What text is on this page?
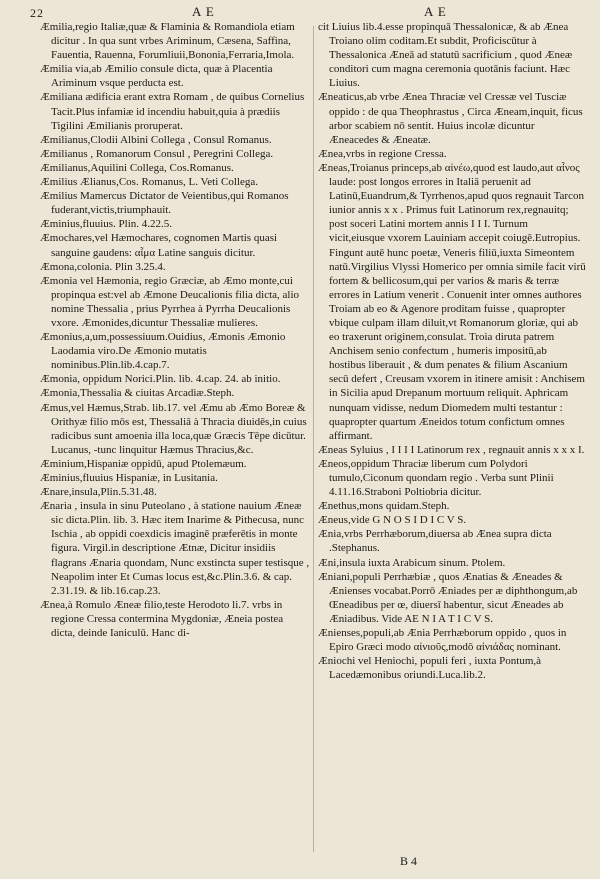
22	A E	A E

Æmilia,regio Italiæ,quæ & Flaminia & Romandiola etiam dicitur . In qua sunt vrbes Ariminum, Cæsena, Saffina, Fauentia, Rauenna, Forumliuii,Bononia,Ferraria,Imola.

Æmilia via,ab Æmilio consule dicta, quæ à Placentia Ariminum vsque perducta est.

Æmiliana ædificia erant extra Romam , de quibus Cornelius Tacit.Plus infamiæ id incendiu habuit,quia à prædiis Tigilini Æmilianis proruperat.

Æmilianus,Clodii Albini Collega , Consul Romanus.

Æmilianus , Romanorum Consul , Peregrini Collega.

Æmilianus,Aquilini Collega, Cos.Romanus.

Æmilius Ælianus,Cos. Romanus, L. Veti Collega.

Æmilius Mamercus Dictator de Veientibus,qui Romanos fuderant,victis,triumphauit.

Æminius,fluuius. Plin. 4.22.5.

Æmochares,vel Hæmochares, cognomen Martis quasi sanguine gaudens: αἷμα Latine sanguis dicitur.

Æmona,colonia. Plin 3.25.4.

Æmonia vel Hæmonia, regio Græciæ, ab Æmo monte,cui propinqua est:vel ab Æmone Deucalionis filia dicta, alio nomine Thessalia , prius Pyrrhea à Pyrrha Deucalionis vxore. Æmonides,dicuntur Thessaliæ mulieres.

Æmonius,a,um,possessiuum.Ouidius, Æmonis Æmonio Laodamia viro.De Æmonio mutatis nominibus.Plin.lib.4.cap.7.

Æmonia, oppidum Norici.Plin. lib. 4.cap. 24. ab initio.

Æmonia,Thessalia & ciuitas Arcadiæ.Steph.

Æmus,vel Hæmus,Strab. lib.17. vel Æmu ab Æmo Boreæ & Orithyæ filio mōs est, Thessaliā à Thracia diuidēs,in cuius radicibus sunt amoenia illa loca,quæ Græcis Tēpe dicūtur. Lucanus, -tunc linquitur Hæmus Thracius,&c.

Æminium,Hispaniæ oppidū, apud Ptolemæum.

Æminius,fluuius Hispaniæ, in Lusitania.

Ænare,insula,Plin.5.31.48.

Ænaria , insula in sinu Puteolano , à statione nauium Æneæ sic dicta.Plin. lib. 3. Hæc item Inarime & Pithecusa, nunc Ischia , ab oppidi coexdicis imaginē præferētis in monte figura. Virgil.in descriptione Ætnæ, Dicitur insidiis flagrans Ænaria quondam, Nunc exstincta super testisque , Neapolim inter Et Cumas locus est,&c.Plin.3.6. & cap. 2.31.19. & lib.16.cap.23.

Ænea,à Romulo Æneæ filio,teste Herodoto li.7. vrbs in regione Cressa contermina Mygdoniæ, Æneia postea dicta, deinde Ianiculū. Hanc di-

cit Liuius lib.4.esse propinquā Thessalonicæ, & ab Ænea Troiano olim coditam.Et subdit, Proficiscūtur à Thessalonica Æneā ad statutū sacrificium , quod Æneæ conditori cum magna ceremonia quotānis faciunt. Hæc Liuius.

Æneaticus,ab vrbe Ænea Thraciæ vel Cressæ vel Tusciæ oppido : de qua Theophrastus , Circa Æneam,inquit, ficus arbor scabiem nō sentit. Huius incolæ dicuntur Æneacedes & Æneatæ.

Ænea,vrbs in regione Cressa.

Æneas,Troianus princeps,ab αἰνέω,quod est laudo,aut αἶνος laude: post longos errores in Italiā peruenit ad Latinū,Euandrum,& Tyrrhenos,apud quos regnauit Tarcon iunior annis x x . Primus fuit Latinorum rex,regnauitq; post soceri Latini mortem annis I I I. Turnum vicit,eiusque vxorem Lauiniam accepit coiugē.Eutropius. Fingunt autē hunc poetæ, Veneris filiū,iuxta Simeontem natū.Virgilius Vlyssi Homerico per omnia simile facit virū fortem & bellicosum,qui per varios & maris & terræ errores in Latium venerit . Conuenit inter omnes authores Troiam ab eo & Agenore proditam fuisse , quapropter vbique culpam illam diluit,vt Romanorum gloriæ, qui ab eo traxerunt originem,consulat. Troia diruta patrem Anchisem senio confectum , humeris impositū,ab hostibus liberauit , & dum penates & filium Ascanium secū defert , Creusam vxorem in itinere amisit : Anchisem in Sicilia apud Drepanum mortuum reliquit. Aphricam nunquam vidisse, nedum Diomedem multi testantur : quapropter quartum Æneidos totum confictum omnes affirmant.

Æneas Syluius , I I I I Latinorum rex , regnauit annis x x x I.

Æneos,oppidum Thraciæ liberum cum Polydori tumulo,Ciconum quondam regio . Verba sunt Plinii 4.11.16.Straboni Poltiobria dicitur.

Ænethus,mons quidam.Steph.

Æneus,vide G N O S I D I C V S.

Ænia,vrbs Perrhæborum,diuersa ab Ænea supra dicta .Stephanus.

Æni,insula iuxta Arabicum sinum. Ptolem.

Æniani,populi Perrhæbiæ , quos Ænatias & Æneades & Ænienses vocabat.Porrō Æniades per æ diphthongum,ab Œneadibus per œ, diuersī habentur, sicut Æneades ab Æniadibus. Vide AE N I A T I C V S.

Ænienses,populi,ab Ænia Perrhæborum oppido , quos in Epiro Græci modo αἰνιοῦς,modō αἰνιάδας nominant.

Æniochi vel Heniochi, populi feri , iuxta Pontum,à Lacedæmonibus oriundi.Luca.lib.2.

B 4
